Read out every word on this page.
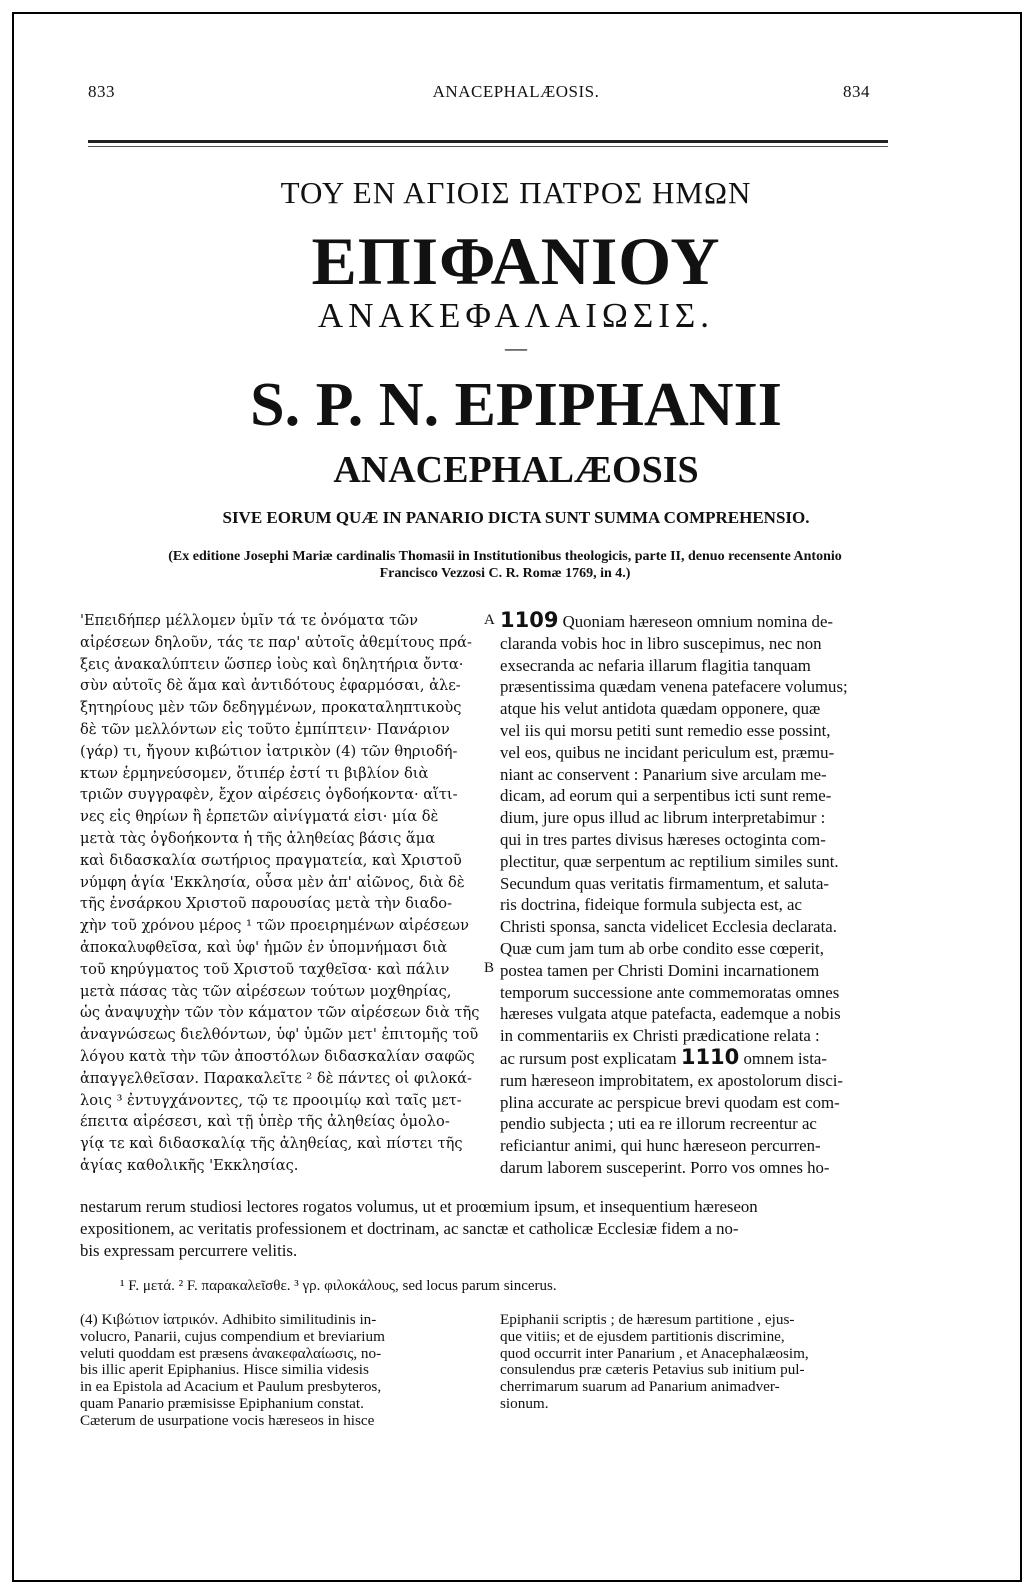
833	ANACEPHALÆOSIS.	834
ΤΟΥ ΕΝ ΑΓΙΟΙΣ ΠΑΤΡΟΣ ΗΜΩΝ
ΕΠΙΦΑΝΙΟΥ
ΑΝΑΚΕΦΑΛΑΙΩΣΙΣ.
—
S. P. N. EPIPHANII
ANACEPHALÆOSIS
SIVE EORUM QUÆ IN PANARIO DICTA SUNT SUMMA COMPREHENSIO.
(Ex editione Josephi Mariæ cardinalis Thomasii in Institutionibus theologicis, parte II, denuo recensente Antonio
Francisco Vezzosi C. R. Romæ 1769, in 4.)
'Επειδήπερ μέλλομεν ὑμῖν τά τε ὀνόματα τῶν
αἱρέσεων δηλοῦν, τάς τε παρ' αὐτοῖς ἀθεμίτους πρά-
ξεις ἀνακαλύπτειν ὥσπερ ἰοὺς καὶ δηλητήρια ὄντα·
σὺν αὐτοῖς δὲ ἅμα καὶ ἀντιδότους ἐφαρμόσαι, ἀλε-
ξητηρίους μὲν τῶν δεδηγμένων, προκαταληπτικοὺς
δὲ τῶν μελλόντων εἰς τοῦτο ἐμπίπτειν· Πανάριον
(γάρ) τι, ἤγουν κιβώτιον ἰατρικὸν (4) τῶν θηριοδή-
κτων ἑρμηνεύσομεν, ὅτιπέρ ἐστί τι βιβλίον διὰ
τριῶν συγγραφὲν, ἔχον αἱρέσεις ὀγδοήκοντα· αἵτι-
νες εἰς θηρίων ἢ ἑρπετῶν αἰνίγματά εἰσι· μία δὲ
μετὰ τὰς ὀγδοήκοντα ἡ τῆς ἀληθείας βάσις ἅμα
καὶ διδασκαλία σωτήριος πραγματεία, καὶ Χριστοῦ
νύμφη ἁγία 'Εκκλησία, οὖσα μὲν ἀπ' αἰῶνος, διὰ δὲ
τῆς ἐνσάρκου Χριστοῦ παρουσίας μετὰ τὴν διαδο-
χὴν τοῦ χρόνου μέρος ¹ τῶν προειρημένων αἱρέσεων
ἀποκαλυφθεῖσα, καὶ ὑφ' ἡμῶν ἐν ὑπομνήμασι διὰ
τοῦ κηρύγματος τοῦ Χριστοῦ ταχθεῖσα· καὶ πάλιν
μετὰ πάσας τὰς τῶν αἱρέσεων τούτων μοχθηρίας,
ὡς ἀναψυχὴν τῶν τὸν κάματον τῶν αἱρέσεων διὰ τῆς
ἀναγνώσεως διελθόντων, ὑφ' ὑμῶν μετ' ἐπιτομῆς τοῦ
λόγου κατὰ τὴν τῶν ἀποστόλων διδασκαλίαν σαφῶς
ἀπαγγελθεῖσαν. Παρακαλεῖτε ² δὲ πάντες οἱ φιλοκά-
λοις ³ ἐντυγχάνοντες, τῷ τε προοιμίῳ καὶ ταῖς μετ-
έπειτα αἱρέσεσι, καὶ τῇ ὑπὲρ τῆς ἀληθείας ὁμολο-
γίᾳ τε καὶ διδασκαλίᾳ τῆς ἀληθείας, καὶ πίστει τῆς
ἁγίας καθολικῆς 'Εκκλησίας.
A
B
1109 Quoniam hæreseon omnium nomina de-
claranda vobis hoc in libro suscepimus, nec non
exsecranda ac nefaria illarum flagitia tanquam
præsentissima quædam venena patefacere volumus;
atque his velut antidota quædam opponere, quæ
vel iis qui morsu petiti sunt remedio esse possint,
vel eos, quibus ne incidant periculum est, præmu-
niant ac conservent : Panarium sive arculam me-
dicam, ad eorum qui a serpentibus icti sunt reme-
dium, jure opus illud ac librum interpretabimur :
qui in tres partes divisus hæreses octoginta com-
plectitur, quæ serpentum ac reptilium similes sunt.
Secundum quas veritatis firmamentum, et saluta-
ris doctrina, fideique formula subjecta est, ac
Christi sponsa, sancta videlicet Ecclesia declarata.
Quæ cum jam tum ab orbe condito esse cœperit,
postea tamen per Christi Domini incarnationem
temporum successione ante commemoratas omnes
hæreses vulgata atque patefacta, eademque a nobis
in commentariis ex Christi prædicatione relata :
ac rursum post explicatam 1110 omnem ista-
rum hæreseon improbitatem, ex apostolorum disci-
plina accurate ac perspicue brevi quodam est com-
pendio subjecta ; uti ea re illorum recreentur ac
reficiantur animi, qui hunc hæreseon percurren-
darum laborem susceperint. Porro vos omnes ho-
nestarum rerum studiosi lectores rogatos volumus, ut et proœmium ipsum, et insequentium hæreseon
expositionem, ac veritatis professionem et doctrinam, ac sanctæ et catholicæ Ecclesiæ fidem a no-
bis expressam percurrere velitis.
¹ F. μετά. ² F. παρακαλεῖσθε. ³ γρ. φιλοκάλους, sed locus parum sincerus.
(4) Κιβώτιον ἰατρικόν. Adhibito similitudinis in-
volucro, Panarii, cujus compendium et breviarium
veluti quoddam est præsens ἀνακεφαλαίωσις, no-
bis illic aperit Epiphanius. Hisce similia videsis
in ea Epistola ad Acacium et Paulum presbyteros,
quam Panario præmisisse Epiphanium constat.
Cæterum de usurpatione vocis hæreseos in hisce
Epiphanii scriptis ; de hæresum partitione , ejus-
que vitiis; et de ejusdem partitionis discrimine,
quod occurrit inter Panarium , et Anacephalæosim,
consulendus præ cæteris Petavius sub initium pul-
cherrimarum suarum ad Panarium animadver-
sionum.
